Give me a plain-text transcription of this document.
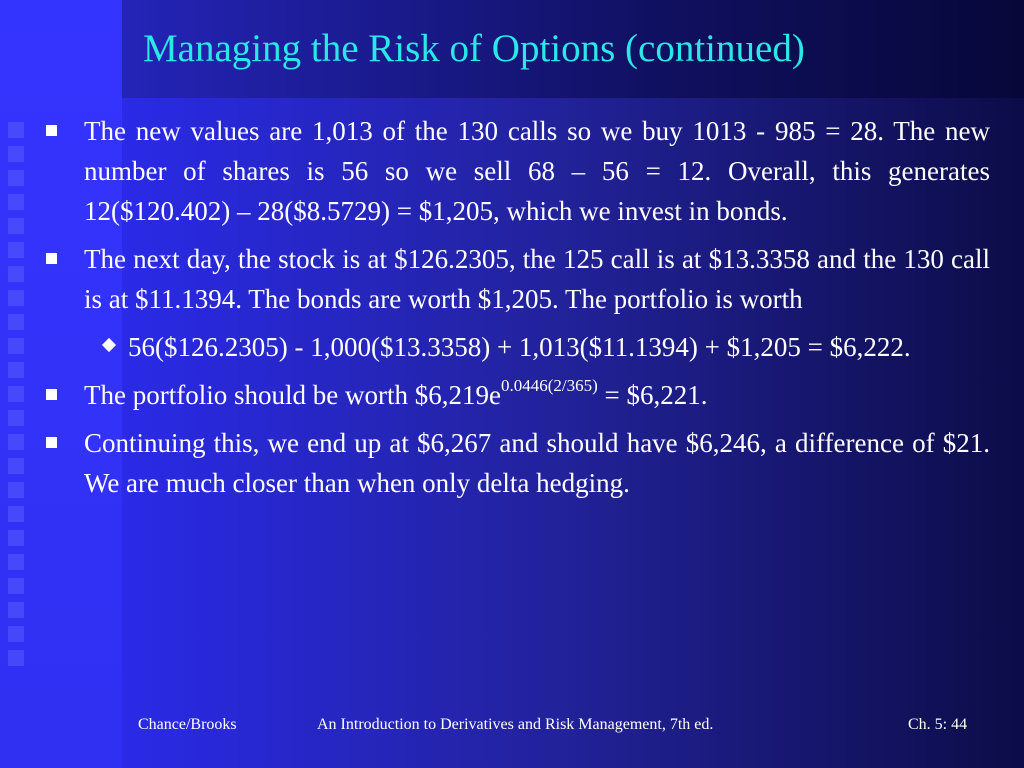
Managing the Risk of Options (continued)
The new values are 1,013 of the 130 calls so we buy 1013 - 985 = 28. The new number of shares is 56 so we sell 68 – 56 = 12. Overall, this generates 12($120.402) – 28($8.5729) = $1,205, which we invest in bonds.
The next day, the stock is at $126.2305, the 125 call is at $13.3358 and the 130 call is at $11.1394. The bonds are worth $1,205. The portfolio is worth
56($126.2305) - 1,000($13.3358) + 1,013($11.1394) + $1,205 = $6,222.
The portfolio should be worth $\$6,219e^{0.0446(2/365)}$ = $6,221.
Continuing this, we end up at $6,267 and should have $6,246, a difference of $21. We are much closer than when only delta hedging.
Chance/Brooks	An Introduction to Derivatives and Risk Management, 7th ed.	Ch. 5: 44
